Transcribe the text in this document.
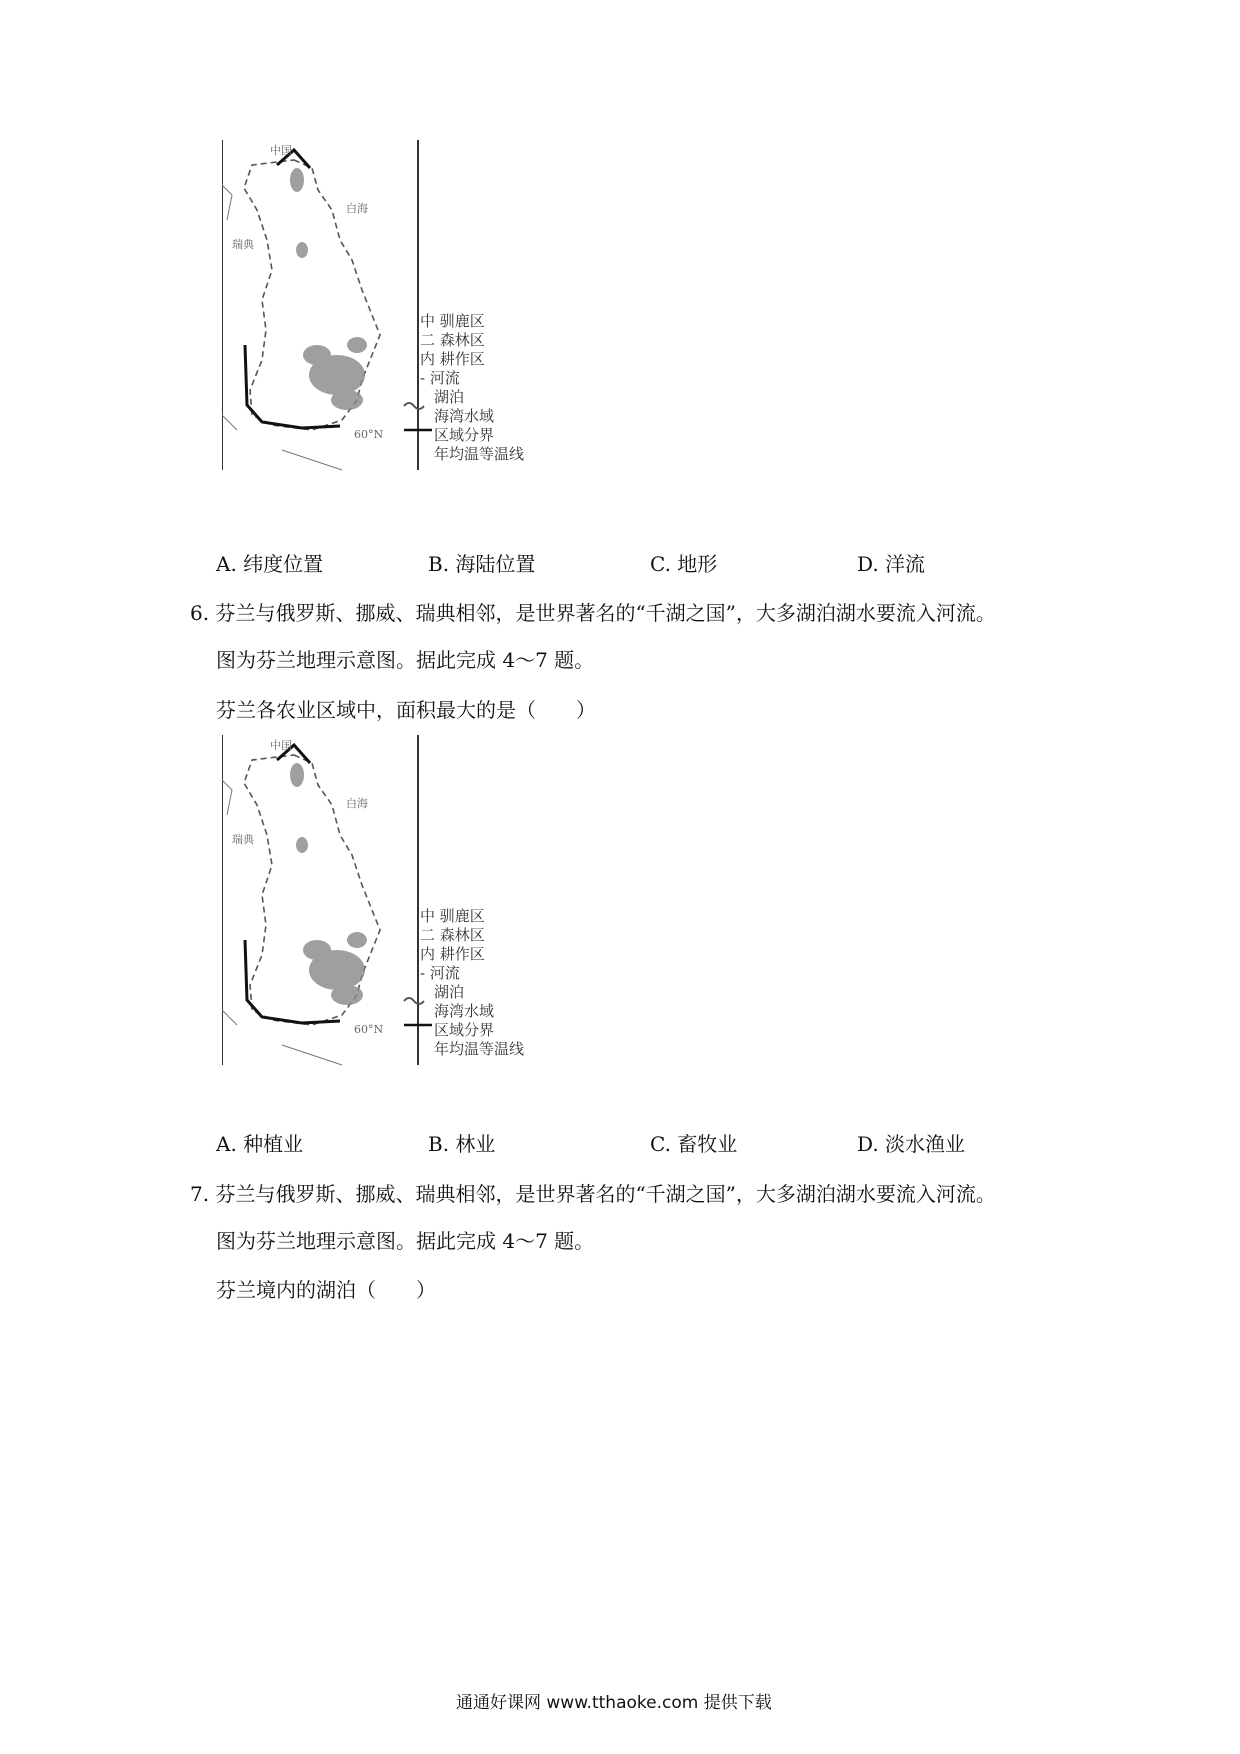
中国
白海
瑞典
60°N
中 驯鹿区
二 森林区
内 耕作区
- 河流
湖泊
海湾水域
区域分界
年均温等温线
A. 纬度位置	B. 海陆位置	C. 地形	D. 洋流
6. 芬兰与俄罗斯、挪威、瑞典相邻，是世界著名的“千湖之国”，大多湖泊湖水要流入河流。
图为芬兰地理示意图。据此完成 4～7 题。
芬兰各农业区域中，面积最大的是（　　）
中国
白海
瑞典
60°N
中 驯鹿区
二 森林区
内 耕作区
- 河流
湖泊
海湾水域
区域分界
年均温等温线
A. 种植业	B. 林业	C. 畜牧业	D. 淡水渔业
7. 芬兰与俄罗斯、挪威、瑞典相邻，是世界著名的“千湖之国”，大多湖泊湖水要流入河流。
图为芬兰地理示意图。据此完成 4～7 题。
芬兰境内的湖泊（　　）
通通好课网 www.tthaoke.com 提供下载
